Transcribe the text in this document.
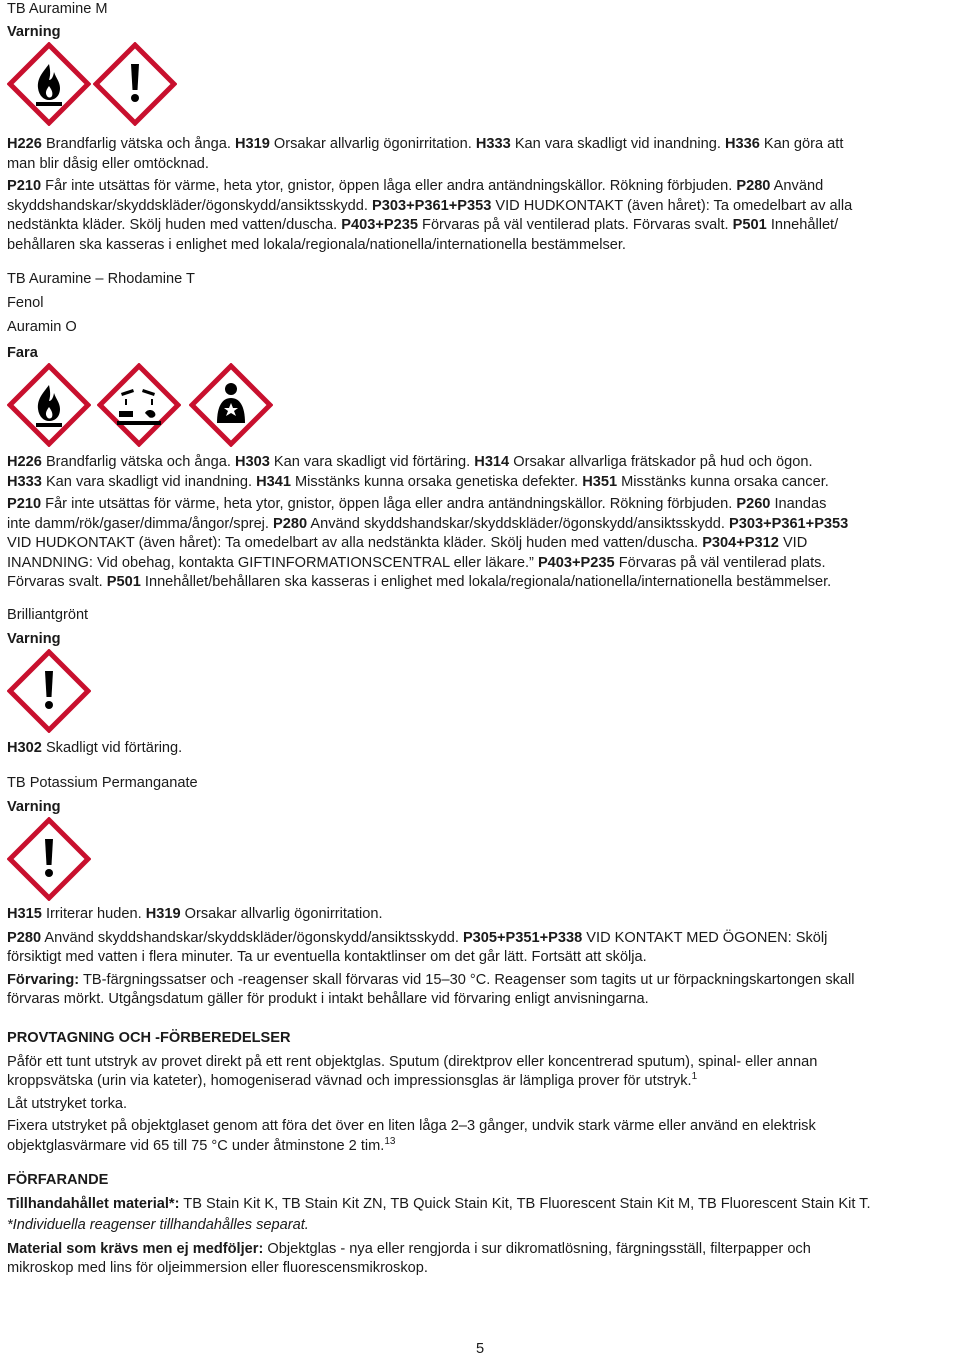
TB Auramine M
Varning
H226 Brandfarlig vätska och ånga. H319 Orsakar allvarlig ögonirritation. H333 Kan vara skadligt vid inandning. H336 Kan göra att
man blir dåsig eller omtöcknad.
P210 Får inte utsättas för värme, heta ytor, gnistor, öppen låga eller andra antändningskällor. Rökning förbjuden. P280 Använd
skyddshandskar/skyddskläder/ögonskydd/ansiktsskydd. P303+P361+P353 VID HUDKONTAKT (även håret): Ta omedelbart av alla
nedstänkta kläder. Skölj huden med vatten/duscha. P403+P235 Förvaras på väl ventilerad plats. Förvaras svalt. P501 Innehållet/
behållaren ska kasseras i enlighet med lokala/regionala/nationella/internationella bestämmelser.
TB Auramine – Rhodamine T
Fenol
Auramin O
Fara
H226 Brandfarlig vätska och ånga. H303 Kan vara skadligt vid förtäring. H314 Orsakar allvarliga frätskador på hud och ögon.
H333 Kan vara skadligt vid inandning. H341 Misstänks kunna orsaka genetiska defekter. H351 Misstänks kunna orsaka cancer.
P210 Får inte utsättas för värme, heta ytor, gnistor, öppen låga eller andra antändningskällor. Rökning förbjuden. P260 Inandas
inte damm/rök/gaser/dimma/ångor/sprej. P280 Använd skyddshandskar/skyddskläder/ögonskydd/ansiktsskydd. P303+P361+P353
VID HUDKONTAKT (även håret): Ta omedelbart av alla nedstänkta kläder. Skölj huden med vatten/duscha. P304+P312 VID
INANDNING: Vid obehag, kontakta GIFTINFORMATIONSCENTRAL eller läkare.” P403+P235 Förvaras på väl ventilerad plats.
Förvaras svalt. P501 Innehållet/behållaren ska kasseras i enlighet med lokala/regionala/nationella/internationella bestämmelser.
Brilliantgrönt
Varning
H302 Skadligt vid förtäring.
TB Potassium Permanganate
Varning
H315 Irriterar huden. H319 Orsakar allvarlig ögonirritation.
P280 Använd skyddshandskar/skyddskläder/ögonskydd/ansiktsskydd. P305+P351+P338 VID KONTAKT MED ÖGONEN: Skölj
försiktigt med vatten i flera minuter. Ta ur eventuella kontaktlinser om det går lätt. Fortsätt att skölja.
Förvaring: TB-färgningssatser och -reagenser skall förvaras vid 15–30 °C. Reagenser som tagits ut ur förpackningskartongen skall
förvaras mörkt. Utgångsdatum gäller för produkt i intakt behållare vid förvaring enligt anvisningarna.
PROVTAGNING OCH -FÖRBEREDELSER
Påför ett tunt utstryk av provet direkt på ett rent objektglas. Sputum (direktprov eller koncentrerad sputum), spinal- eller annan
kroppsvätska (urin via kateter), homogeniserad vävnad och impressionsglas är lämpliga prover för utstryk.$^1$
Låt utstryket torka.
Fixera utstryket på objektglaset genom att föra det över en liten låga 2–3 gånger, undvik stark värme eller använd en elektrisk
objektglasvärmare vid 65 till 75 °C under åtminstone 2 tim.$^{13}$
FÖRFARANDE
Tillhandahållet material*: TB Stain Kit K, TB Stain Kit ZN, TB Quick Stain Kit, TB Fluorescent Stain Kit M, TB Fluorescent Stain Kit T.
*Individuella reagenser tillhandahålles separat.
Material som krävs men ej medföljer: Objektglas - nya eller rengjorda i sur dikromatlösning, färgningsställ, filterpapper och
mikroskop med lins för oljeimmersion eller fluorescensmikroskop.
5
